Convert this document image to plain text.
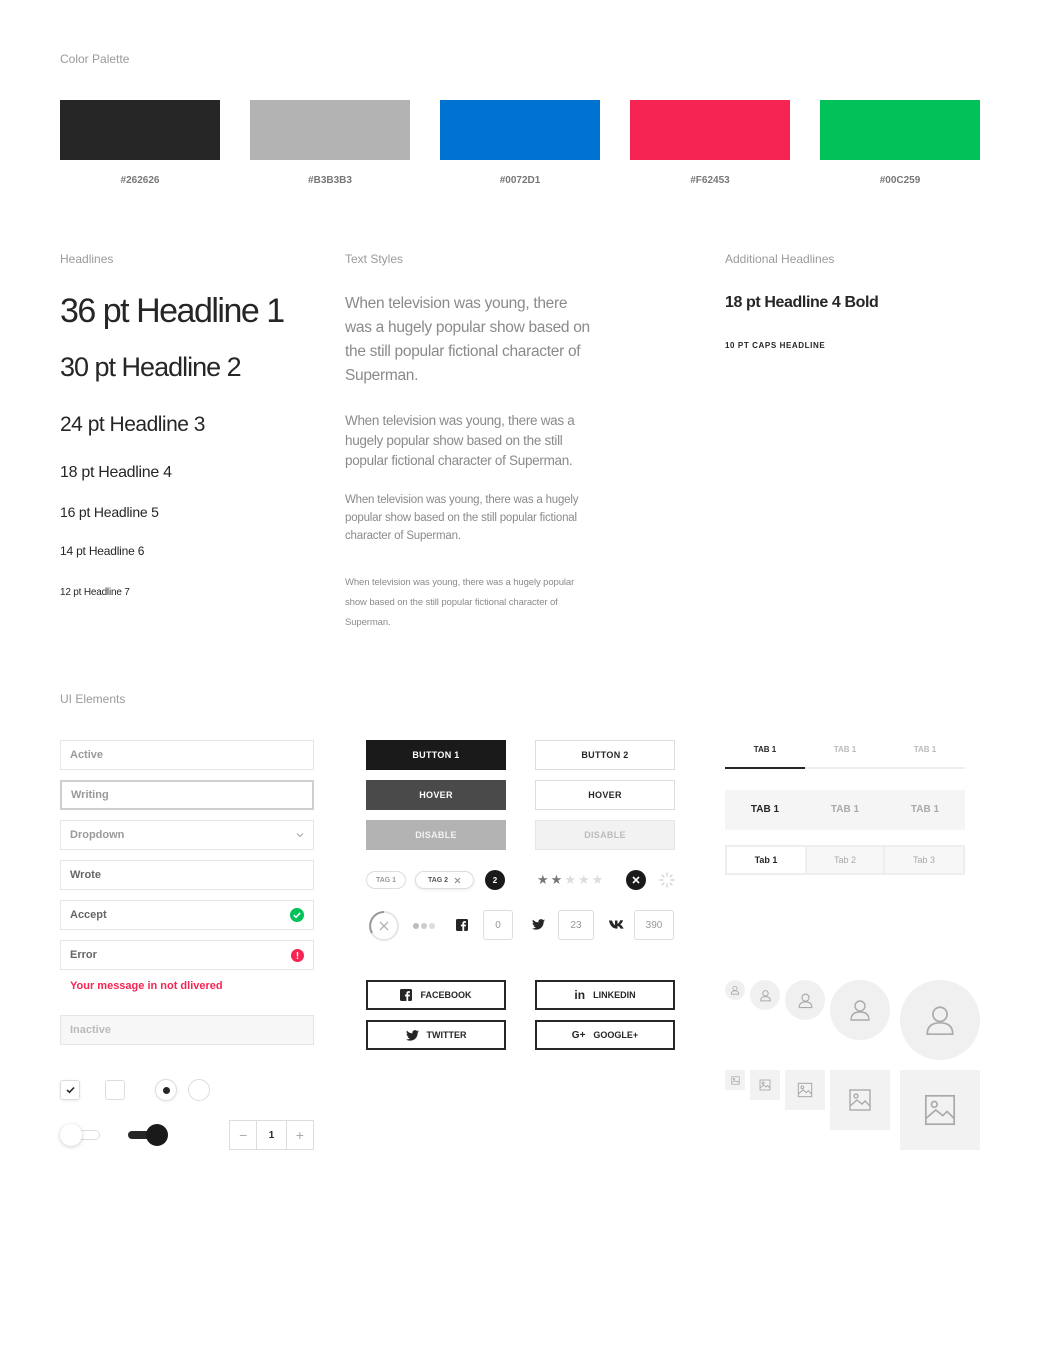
Color Palette
#262626	#B3B3B3	#0072D1	#F62453	#00C259
Headlines
36 pt Headline 1
30 pt Headline 2
24 pt Headline 3
18 pt Headline 4
16 pt Headline 5
14 pt Headline 6
12 pt Headline 7
Text Styles
When television was young, there was a hugely popular show based on the still popular fictional character of Superman.
When television was young, there was a hugely popular show based on the still popular fictional character of Superman.
When television was young, there was a hugely popular show based on the still popular fictional character of Superman.
When television was young, there was a hugely popular show based on the still popular fictional character of Superman.
Additional Headlines
18 pt Headline 4 Bold
10 PT CAPS HEADLINE
UI Elements
Active
Writing
Dropdown
Wrote
Accept
Error
Your message in not dlivered
Inactive
−	1	+
BUTTON 1
HOVER
DISABLE
BUTTON 2
HOVER
DISABLE
TAG 1	TAG 2	2	★ ★ ★ ★ ★
0	23	390
FACEBOOK	in LINKEDIN
TWITTER	G+ GOOGLE+
TAB 1	TAB 1	TAB 1
TAB 1	TAB 1	TAB 1
Tab 1	Tab 2	Tab 3
